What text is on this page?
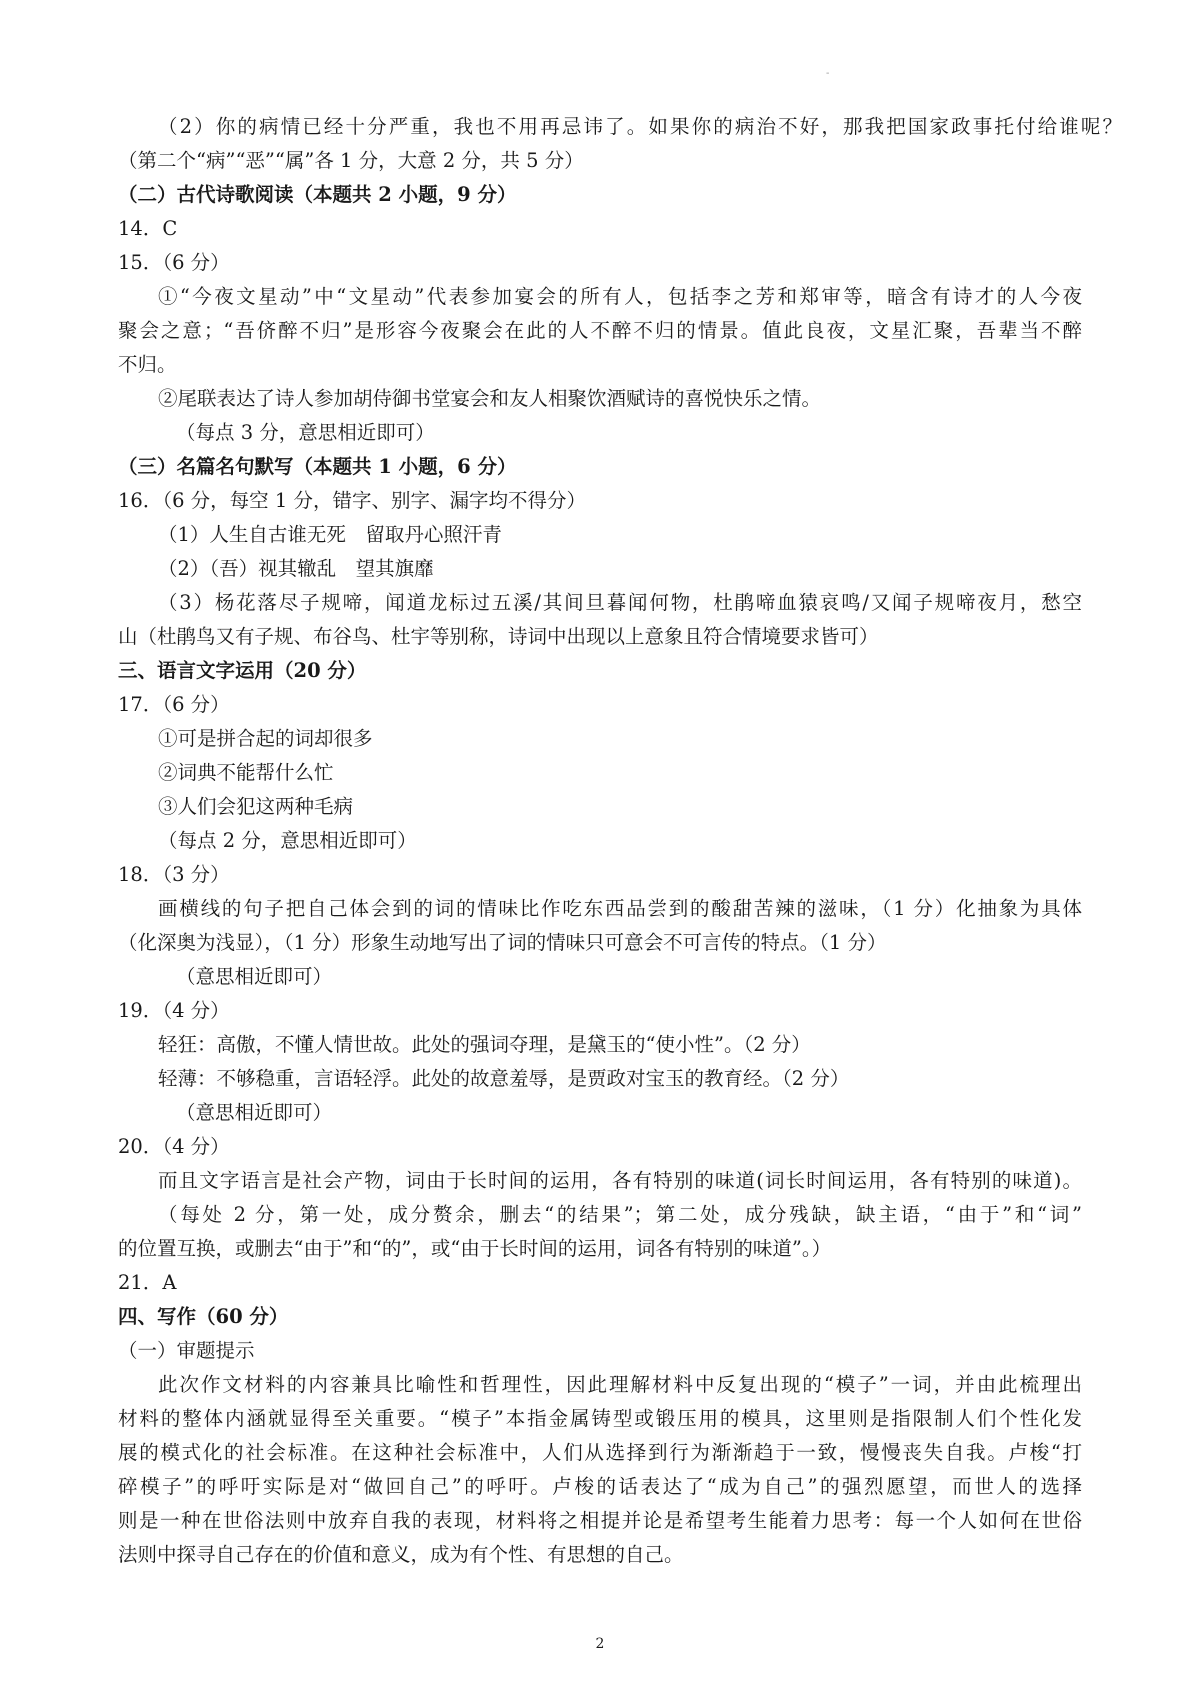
-
（2）你的病情已经十分严重，我也不用再忌讳了。如果你的病治不好，那我把国家政事托付给谁呢？
（第二个“病”“恶”“属”各 1 分，大意 2 分，共 5 分）
（二）古代诗歌阅读（本题共 2 小题，9 分）
14．C
15．（6 分）
①“今夜文星动”中“文星动”代表参加宴会的所有人，包括李之芳和郑审等，暗含有诗才的人今夜
聚会之意；“吾侪醉不归”是形容今夜聚会在此的人不醉不归的情景。值此良夜，文星汇聚，吾辈当不醉
不归。
②尾联表达了诗人参加胡侍御书堂宴会和友人相聚饮酒赋诗的喜悦快乐之情。
（每点 3 分，意思相近即可）
（三）名篇名句默写（本题共 1 小题，6 分）
16．（6 分，每空 1 分，错字、别字、漏字均不得分）
（1）人生自古谁无死　留取丹心照汗青
（2）（吾）视其辙乱　望其旗靡
（3）杨花落尽子规啼，闻道龙标过五溪/其间旦暮闻何物，杜鹃啼血猿哀鸣/又闻子规啼夜月，愁空
山（杜鹃鸟又有子规、布谷鸟、杜宇等别称，诗词中出现以上意象且符合情境要求皆可）
三、语言文字运用（20 分）
17．（6 分）
①可是拼合起的词却很多
②词典不能帮什么忙
③人们会犯这两种毛病
（每点 2 分，意思相近即可）
18．（3 分）
画横线的句子把自己体会到的词的情味比作吃东西品尝到的酸甜苦辣的滋味，（1 分）化抽象为具体
（化深奥为浅显），（1 分）形象生动地写出了词的情味只可意会不可言传的特点。（1 分）
（意思相近即可）
19．（4 分）
轻狂：高傲，不懂人情世故。此处的强词夺理，是黛玉的“使小性”。（2 分）
轻薄：不够稳重，言语轻浮。此处的故意羞辱，是贾政对宝玉的教育经。（2 分）
（意思相近即可）
20．（4 分）
而且文字语言是社会产物，词由于长时间的运用，各有特别的味道(词长时间运用，各有特别的味道)。
（每处 2 分，第一处，成分赘余，删去“的结果”；第二处，成分残缺，缺主语，“由于”和“词”
的位置互换，或删去“由于”和“的”，或“由于长时间的运用，词各有特别的味道”。）
21．A
四、写作（60 分）
（一）审题提示
此次作文材料的内容兼具比喻性和哲理性，因此理解材料中反复出现的“模子”一词，并由此梳理出
材料的整体内涵就显得至关重要。“模子”本指金属铸型或锻压用的模具，这里则是指限制人们个性化发
展的模式化的社会标准。在这种社会标准中，人们从选择到行为渐渐趋于一致，慢慢丧失自我。卢梭“打
碎模子”的呼吁实际是对“做回自己”的呼吁。卢梭的话表达了“成为自己”的强烈愿望，而世人的选择
则是一种在世俗法则中放弃自我的表现，材料将之相提并论是希望考生能着力思考：每一个人如何在世俗
法则中探寻自己存在的价值和意义，成为有个性、有思想的自己。
2
